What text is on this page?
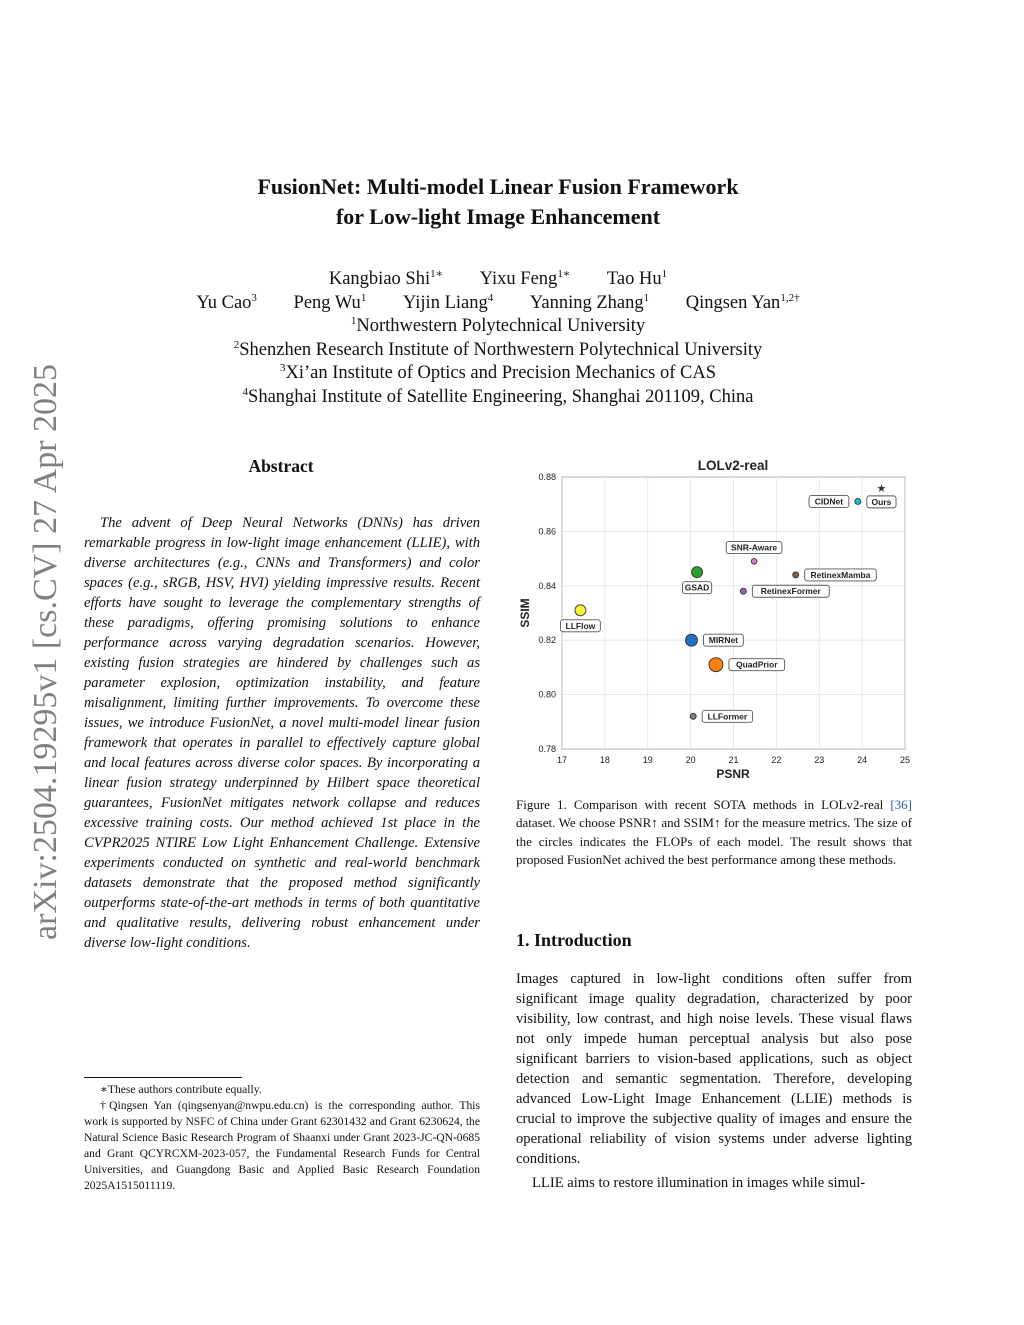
arXiv:2504.19295v1 [cs.CV] 27 Apr 2025
FusionNet: Multi-model Linear Fusion Framework
for Low-light Image Enhancement
Kangbiao Shi$^{1∗}$ Yixu Feng$^{1∗}$ Tao Hu$^1$
Yu Cao$^3$ Peng Wu$^1$ Yijin Liang$^4$ Yanning Zhang$^1$ Qingsen Yan$^{1,2\dagger}$
$^1$Northwestern Polytechnical University
$^2$Shenzhen Research Institute of Northwestern Polytechnical University
$^3$Xi’an Institute of Optics and Precision Mechanics of CAS
$^4$Shanghai Institute of Satellite Engineering, Shanghai 201109, China
Abstract
The advent of Deep Neural Networks (DNNs) has driven remarkable progress in low-light image enhancement (LLIE), with diverse architectures (e.g., CNNs and Transformers) and color spaces (e.g., sRGB, HSV, HVI) yielding impressive results. Recent efforts have sought to leverage the complementary strengths of these paradigms, offering promising solutions to enhance performance across varying degradation scenarios. However, existing fusion strategies are hindered by challenges such as parameter explosion, optimization instability, and feature misalignment, limiting further improvements. To overcome these issues, we introduce FusionNet, a novel multi-model linear fusion framework that operates in parallel to effectively capture global and local features across diverse color spaces. By incorporating a linear fusion strategy underpinned by Hilbert space theoretical guarantees, FusionNet mitigates network collapse and reduces excessive training costs. Our method achieved 1st place in the CVPR2025 NTIRE Low Light Enhancement Challenge. Extensive experiments conducted on synthetic and real-world benchmark datasets demonstrate that the proposed method significantly outperforms state-of-the-art methods in terms of both quantitative and qualitative results, delivering robust enhancement under diverse low-light conditions.

∗These authors contribute equally.

†Qingsen Yan (qingsenyan@nwpu.edu.cn) is the corresponding author. This work is supported by NSFC of China under Grant 62301432 and Grant 6230624, the Natural Science Basic Research Program of Shaanxi under Grant 2023-JC-QN-0685 and Grant QCYRCXM-2023-057, the Fundamental Research Funds for Central Universities, and Guangdong Basic and Applied Basic Research Foundation 2025A1515011119.

LOLv2-real
17	18	19	20	21	22	23	24	25
0.78
0.80
0.82
0.84
0.86
0.88
LLFlow
GSAD
MIRNet
QuadPrior
LLFormer
SNR-Aware
RetinexFormer
RetinexMamba
CIDNet
★
Ours
PSNR
SSIM
Figure 1. Comparison with recent SOTA methods in LOLv2-real [36] dataset. We choose PSNR↑ and SSIM↑ for the measure metrics. The size of the circles indicates the FLOPs of each model. The result shows that proposed FusionNet achived the best performance among these methods.
1. Introduction

Images captured in low-light conditions often suffer from significant image quality degradation, characterized by poor visibility, low contrast, and high noise levels. These visual flaws not only impede human perceptual analysis but also pose significant barriers to vision-based applications, such as object detection and semantic segmentation. Therefore, developing advanced Low-Light Image Enhancement (LLIE) methods is crucial to improve the subjective quality of images and ensure the operational reliability of vision systems under adverse lighting conditions.

LLIE aims to restore illumination in images while simul-
